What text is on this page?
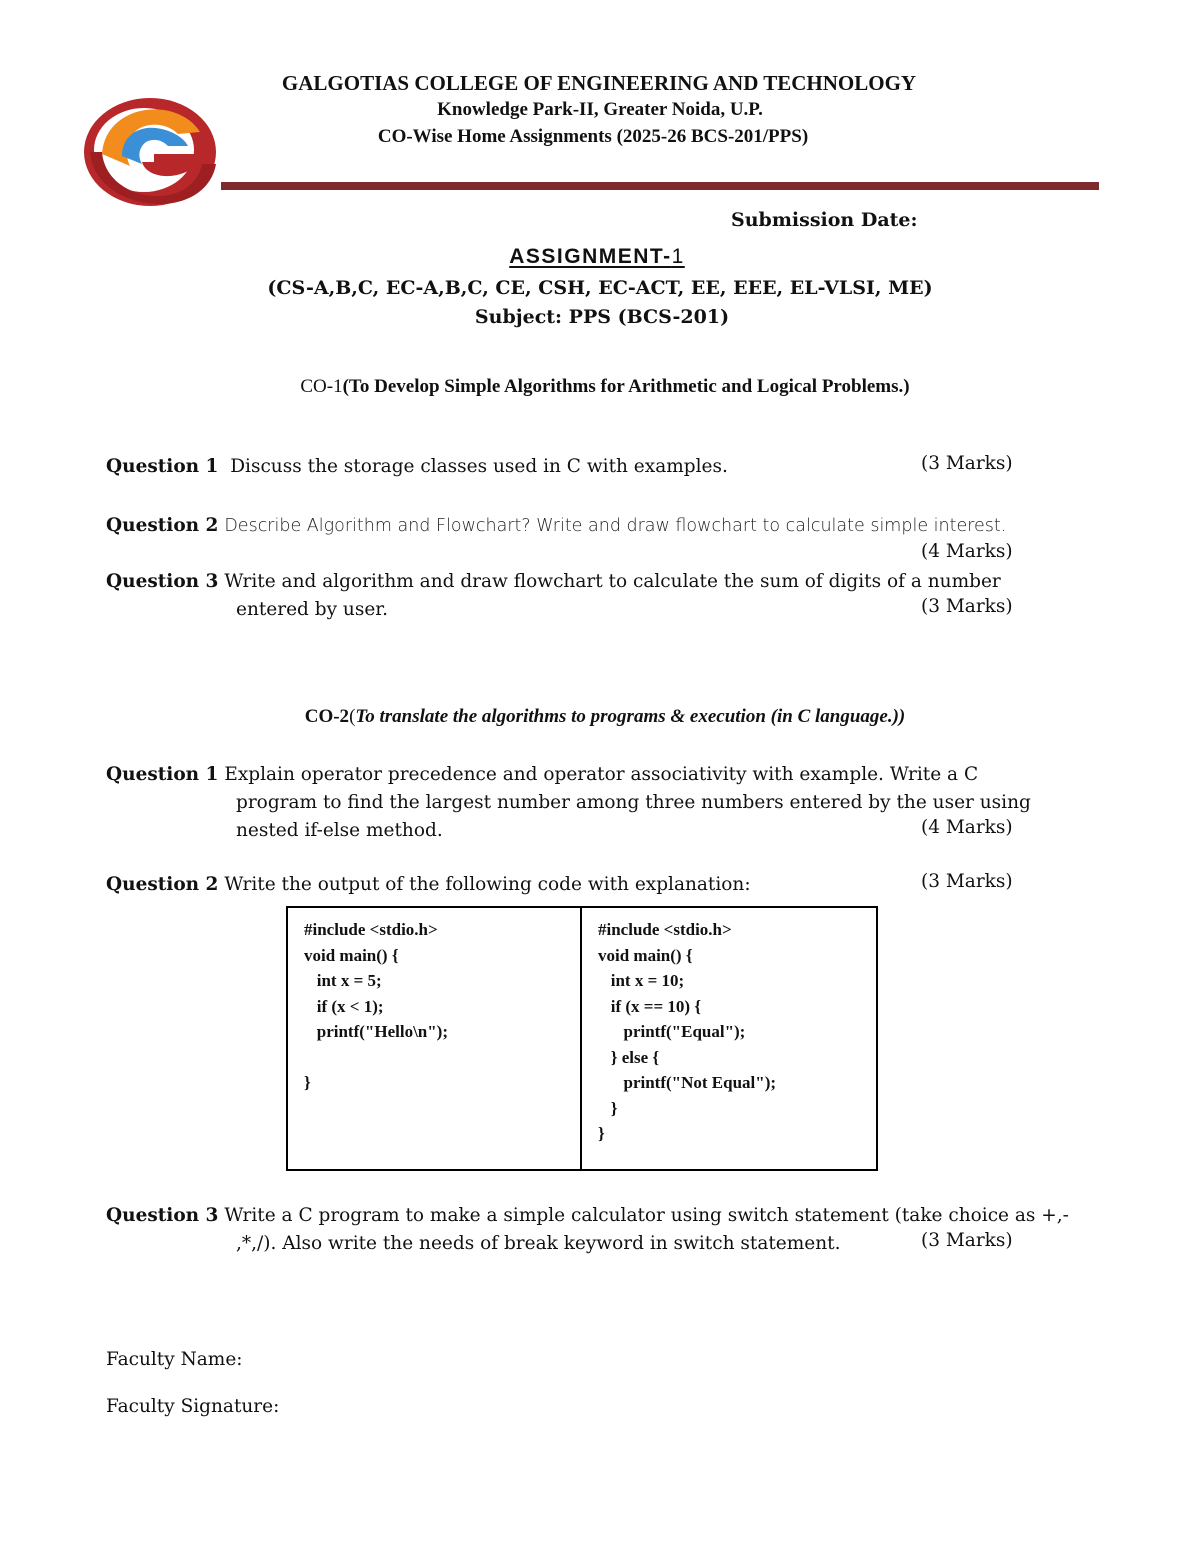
GALGOTIAS COLLEGE OF ENGINEERING AND TECHNOLOGY
Knowledge Park-II, Greater Noida, U.P.
CO-Wise Home Assignments (2025-26 BCS-201/PPS)
Submission Date:
ASSIGNMENT-1
(CS-A,B,C, EC-A,B,C, CE, CSH, EC-ACT, EE, EEE, EL-VLSI, ME)
Subject: PPS (BCS-201)
CO-1(To Develop Simple Algorithms for Arithmetic and Logical Problems.)
Question 1 Discuss the storage classes used in C with examples.	(3 Marks)
Question 2 Describe Algorithm and Flowchart? Write and draw flowchart to calculate simple interest.
(4 Marks)
Question 3 Write and algorithm and draw flowchart to calculate the sum of digits of a number
entered by user.	(3 Marks)
CO-2(To translate the algorithms to programs & execution (in C language.))
Question 1 Explain operator precedence and operator associativity with example. Write a C
program to find the largest number among three numbers entered by the user using
nested if-else method.	(4 Marks)
Question 2 Write the output of the following code with explanation:	(3 Marks)
#include <stdio.h>
void main() {
int x = 5;
if (x < 1);
printf("Hello\n");

}
#include <stdio.h>
void main() {
int x = 10;
if (x == 10) {
printf("Equal");
} else {
printf("Not Equal");
}
}
Question 3 Write a C program to make a simple calculator using switch statement (take choice as +,-
,*,/). Also write the needs of break keyword in switch statement.	(3 Marks)
Faculty Name:
Faculty Signature:
